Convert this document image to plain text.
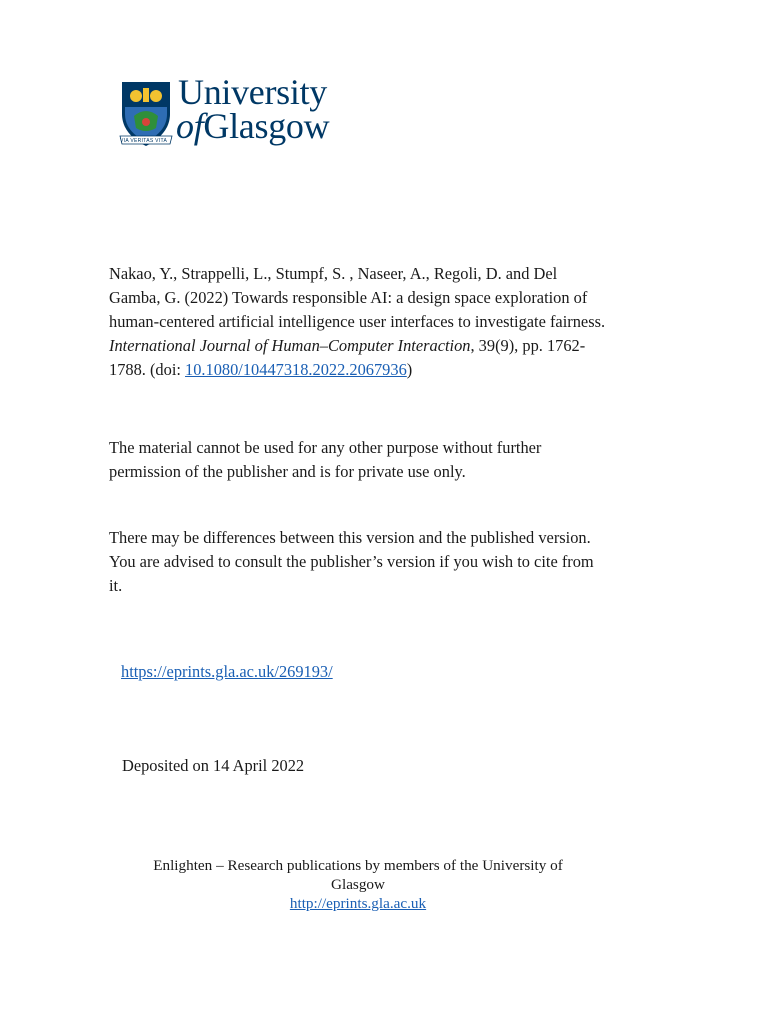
University
ofGlasgow
VIA VERITAS VITA
Nakao, Y., Strappelli, L., Stumpf, S. , Naseer, A., Regoli, D. and Del
Gamba, G. (2022) Towards responsible AI: a design space exploration of
human-centered artificial intelligence user interfaces to investigate fairness.
International Journal of Human–Computer Interaction, 39(9), pp. 1762-
1788. (doi: 10.1080/10447318.2022.2067936)
The material cannot be used for any other purpose without further
permission of the publisher and is for private use only.
There may be differences between this version and the published version.
You are advised to consult the publisher’s version if you wish to cite from
it.
https://eprints.gla.ac.uk/269193/
Deposited on 14 April 2022
Enlighten – Research publications by members of the University of
Glasgow
http://eprints.gla.ac.uk
